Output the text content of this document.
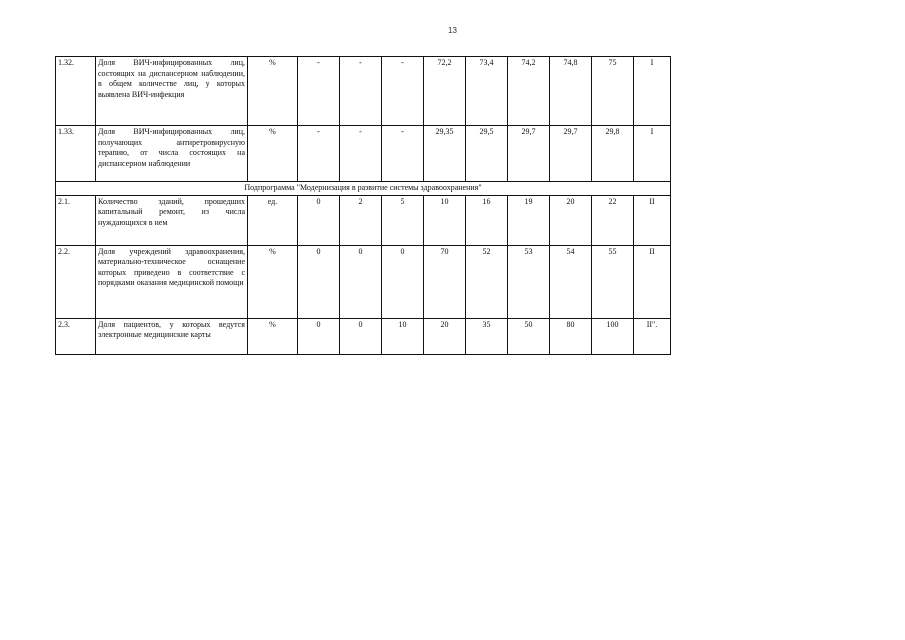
13
1.32.	Доля ВИЧ-инфицированных лиц, состоящих на диспансерном наблюдении, в общем количестве лиц, у которых выявлена ВИЧ-инфекция	%	-	-	-	72,2	73,4	74,2	74,8	75	I
1.33.	Доля ВИЧ-инфицированных лиц, получающих антиретровирусную терапию, от числа состоящих на диспансерном наблюдении	%	-	-	-	29,35	29,5	29,7	29,7	29,8	I
Подпрограмма "Модернизация в развитие системы здравоохранения"											
2.1.	Количество зданий, прошедших капитальный ремонт, из числа нуждающихся в нем	ед.	0	2	5	10	16	19	20	22	II
2.2.	Доля учреждений здравоохранения, материально-техническое оснащение которых приведено в соответствие с порядками оказания медицинской помощи	%	0	0	0	70	52	53	54	55	II
2.3.	Доля пациентов, у которых ведутся электронные медицинские карты	%	0	0	10	20	35	50	80	100	II".
